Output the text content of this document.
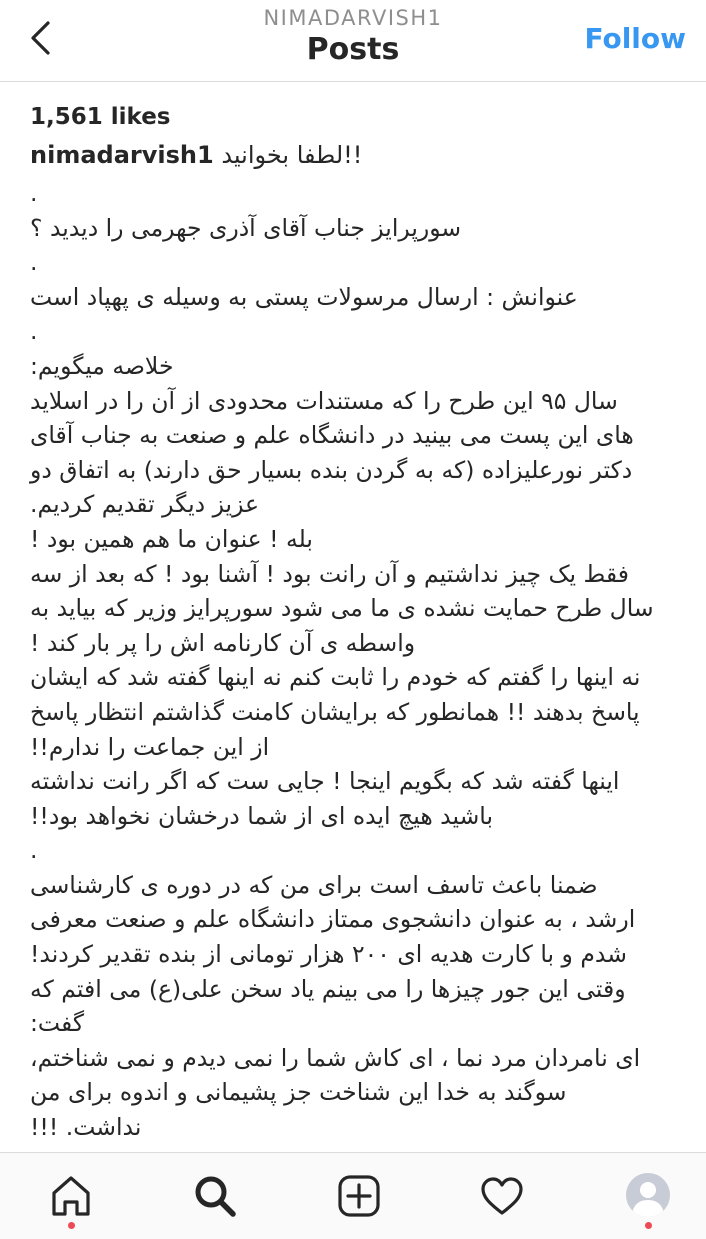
NIMADARVISH1
Posts	Follow
1,561 likes
nimadarvish1 !!لطفا بخوانید
.
سورپرایز جناب آقای آذری جهرمی را دیدید ؟
.
عنوانش : ارسال مرسولات پستی به وسیله ی پهپاد است
.
خلاصه میگویم:
سال ۹۵ این طرح را که مستندات محدودی از آن را در اسلاید
های این پست می بینید در دانشگاه علم و صنعت به جناب آقای
دکتر نورعلیزاده (که به گردن بنده بسیار حق دارند) به اتفاق دو
عزیز دیگر تقدیم کردیم.
بله ! عنوان ما هم همین بود !
فقط یک چیز نداشتیم و آن رانت بود ! آشنا بود ! که بعد از سه
سال طرح حمایت نشده ی ما می شود سورپرایز وزیر که بیاید به
واسطه ی آن کارنامه اش را پر بار کند !
نه اینها را گفتم که خودم را ثابت کنم نه اینها گفته شد که ایشان
پاسخ بدهند !! همانطور که برایشان کامنت گذاشتم انتظار پاسخ
از این جماعت را ندارم!!
اینها گفته شد که بگویم اینجا ! جایی ست که اگر رانت نداشته
باشید هیچ ایده ای از شما درخشان نخواهد بود!!
.
ضمنا باعث تاسف است برای من که در دوره ی کارشناسی
ارشد ، به عنوان دانشجوی ممتاز دانشگاه علم و صنعت معرفی
شدم و با کارت هدیه ای ۲۰۰ هزار تومانی از بنده تقدیر کردند!
وقتی این جور چیزها را می بینم یاد سخن علی(ع) می افتم که
گفت:
ای نامردان مرد نما ، ای کاش شما را نمی دیدم و نمی شناختم،
سوگند به خدا این شناخت جز پشیمانی و اندوه برای من
نداشت. !!!
